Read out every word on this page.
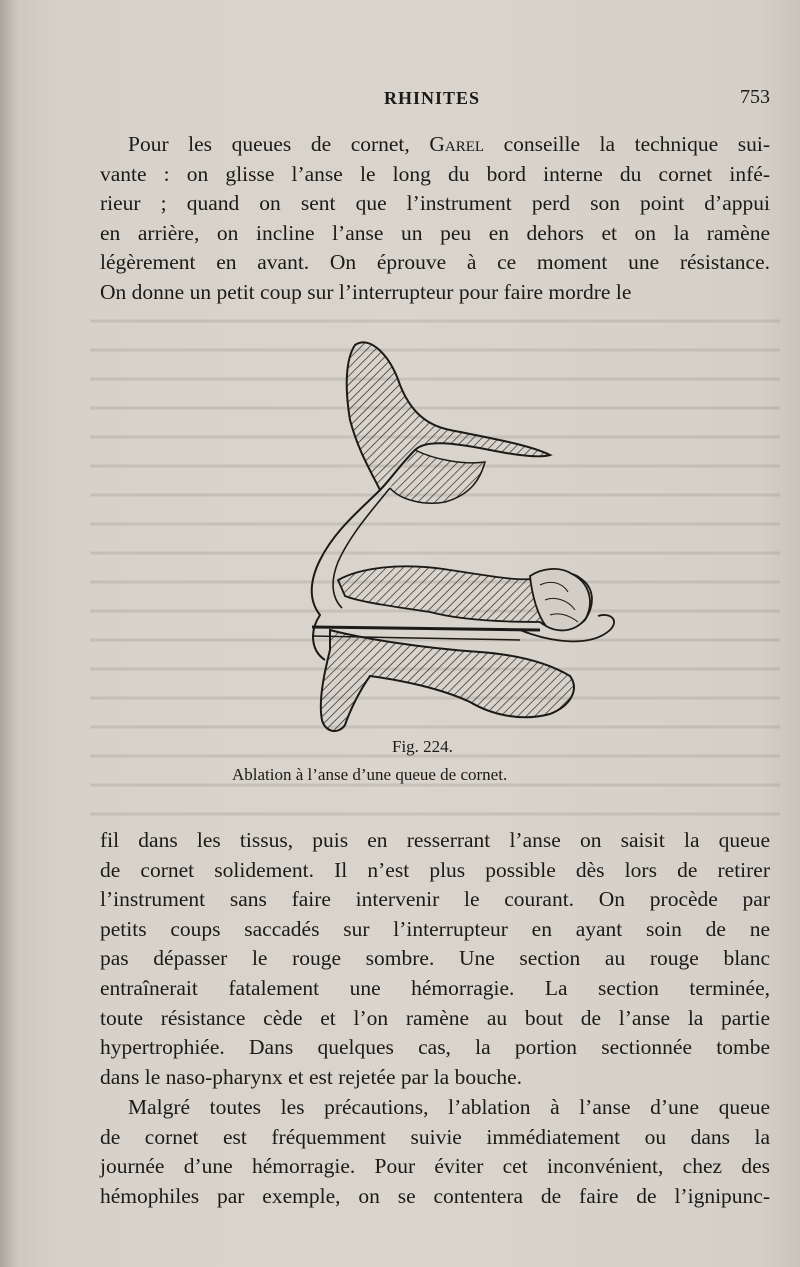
RHINITES	753
Pour les queues de cornet, Garel conseille la technique sui-
vante : on glisse l’anse le long du bord interne du cornet infé-
rieur ; quand on sent que l’instrument perd son point d’appui
en arrière, on incline l’anse un peu en dehors et on la ramène
légèrement en avant. On éprouve à ce moment une résistance.
On donne un petit coup sur l’interrupteur pour faire mordre le
Fig. 224.
Ablation à l’anse d’une queue de cornet.
fil dans les tissus, puis en resserrant l’anse on saisit la queue
de cornet solidement. Il n’est plus possible dès lors de retirer
l’instrument sans faire intervenir le courant. On procède par
petits coups saccadés sur l’interrupteur en ayant soin de ne
pas dépasser le rouge sombre. Une section au rouge blanc
entraînerait fatalement une hémorragie. La section terminée,
toute résistance cède et l’on ramène au bout de l’anse la partie
hypertrophiée. Dans quelques cas, la portion sectionnée tombe
dans le naso-pharynx et est rejetée par la bouche.
Malgré toutes les précautions, l’ablation à l’anse d’une queue
de cornet est fréquemment suivie immédiatement ou dans la
journée d’une hémorragie. Pour éviter cet inconvénient, chez des
hémophiles par exemple, on se contentera de faire de l’ignipunc-
